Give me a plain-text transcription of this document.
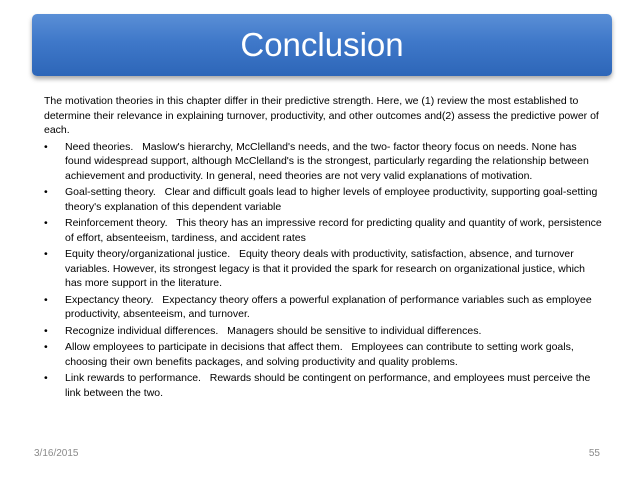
Conclusion

The motivation theories in this chapter differ in their predictive strength. Here, we (1) review the most established to determine their relevance in explaining turnover, productivity, and other outcomes and(2) assess the predictive power of each.

• Need theories. Maslow's hierarchy, McClelland's needs, and the two- factor theory focus on needs. None has found widespread support, although McClelland's is the strongest, particularly regarding the relationship between achievement and productivity. In general, need theories are not very valid explanations of motivation.
• Goal-setting theory. Clear and difficult goals lead to higher levels of employee productivity, supporting goal-setting theory's explanation of this dependent variable
• Reinforcement theory. This theory has an impressive record for predicting quality and quantity of work, persistence of effort, absenteeism, tardiness, and accident rates
• Equity theory/organizational justice. Equity theory deals with productivity, satisfaction, absence, and turnover variables. However, its strongest legacy is that it provided the spark for research on organizational justice, which has more support in the literature.
• Expectancy theory. Expectancy theory offers a powerful explanation of performance variables such as employee productivity, absenteeism, and turnover.
• Recognize individual differences. Managers should be sensitive to individual differences.
• Allow employees to participate in decisions that affect them. Employees can contribute to setting work goals, choosing their own benefits packages, and solving productivity and quality problems.
• Link rewards to performance. Rewards should be contingent on performance, and employees must perceive the link between the two.
3/16/2015	55
